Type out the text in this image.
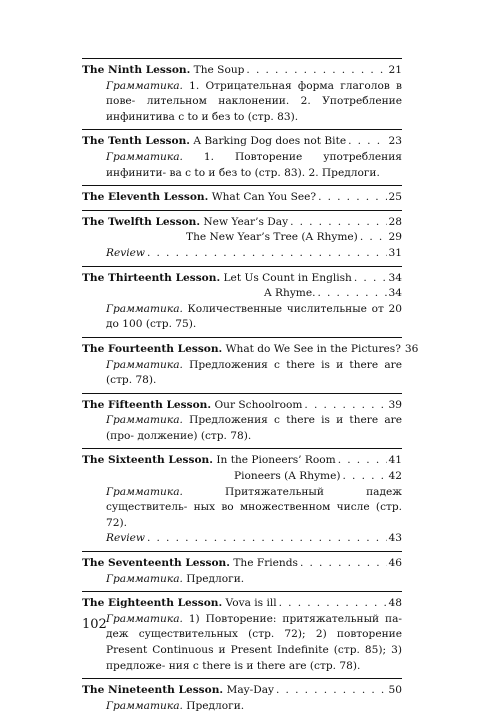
The Ninth Lesson. The Soup . . .	21
Грамматика. 1. Отрицательная форма глаголов в пове- лительном наклонении. 2. Употребление инфинитива с to и без to (стр. 83).
The Tenth Lesson. A Barking Dog does not Bite . . .	23
Грамматика. 1. Повторение употребления инфинити- ва с to и без to (стр. 83). 2. Предлоги.
The Eleventh Lesson. What Can You See? . . .	25
The Twelfth Lesson. New Year’s Day . . .	28
The New Year’s Tree (A Rhyme) . . .	29
Review . . .	31
The Thirteenth Lesson. Let Us Count in English . . .	34
A Rhyme. . . .	34
Грамматика. Количественные числительные от 20 до 100 (стр. 75).
The Fourteenth Lesson. What do We See in the Pictures? 36
Грамматика. Предложения с there is и there are (стр. 78).
The Fifteenth Lesson. Our Schoolroom . . .	39
Грамматика. Предложения с there is и there are (про- должение) (стр. 78).
The Sixteenth Lesson. In the Pioneers’ Room . . .	41
Pioneers (A Rhyme) . . .	42
Грамматика. Притяжательный падеж существитель- ных во множественном числе (стр. 72).
Review . . .	43
The Seventeenth Lesson. The Friends . . .	46
Грамматика. Предлоги.
The Eighteenth Lesson. Vova is ill . . .	48
Грамматика. 1) Повторение: притяжательный па- деж существительных (стр. 72); 2) повторение Present Continuous и Present Indefinite (стр. 85); 3) предложе- ния с there is и there are (стр. 78).
The Nineteenth Lesson. May-Day . . .	50
Грамматика. Предлоги.
102
